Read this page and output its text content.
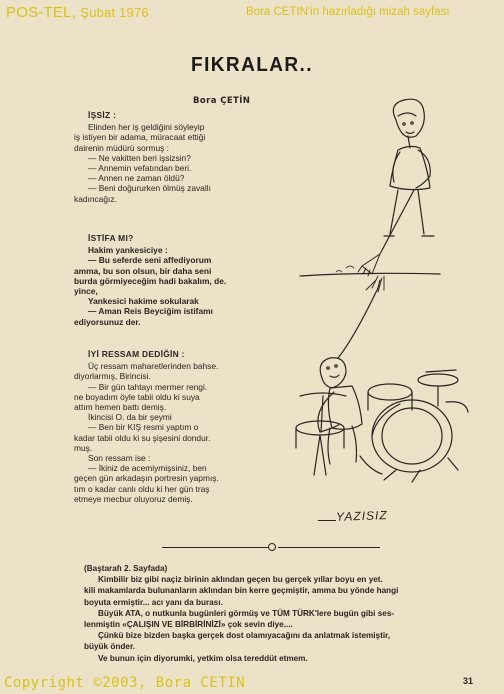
POS-TEL, Şubat 1976	Bora CETIN'in hazırladığı mizah sayfası
FIKRALAR..
Bora ÇETİN

İŞSİZ :

Elinden her iş geldiğini söyleyip

iş istiyen bir adama, müracaat ettiği

dairenin müdürü sormuş :

— Ne vakitten beri işsizsin?

— Annemin vefatından beri.

— Annen ne zaman öldü?

— Beni doğururken ölmüş zavallı

kadıncağız.

İSTİFA MI?

Hakim yankesiciye :

— Bu seferde seni affediyorum

amma, bu son olsun, bir daha seni

burda görmiyeceğim hadi bakalım, de.

yince,

Yankesici hakime sokularak

— Aman Reis Beyciğim istifamı

ediyorsunuz der.

İYİ RESSAM DEDİĞİN :

Üç ressam maharetlerinden bahse.

diyorlarmış, Birincisi.

— Bir gün tahtayı mermer rengi.

ne boyadım öyle tabii oldu ki suya

attım hemen battı demiş.

İkincisi O. da bir şeymi

— Ben bir KIŞ resmi yaptım o

kadar tabii oldu ki su şişesini dondur.

muş.

Son ressam ise :

— İkiniz de acemiymişsiniz, ben

geçen gün arkadaşın portresin yapmış.

tım o kadar canlı oldu ki her gün traş

etmeye mecbur oluyoruz demiş.

YAZISIZ

(Baştarafı 2. Sayfada)

Kimbilir biz gibi naçiz birinin aklından geçen bu gerçek yıllar boyu en yet.

kili makamlarda bulunanların aklından bin kerre geçmiştir, amma bu yönde hangi

boyuta ermiştir... acı yanı da burası.

Büyük ATA, o nutkunla bugünleri görmüş ve TÜM TÜRK'lere bugün gibi ses-

lenmiştin «ÇALIŞIN VE BİRBİRİNİZİ» çok sevin diye....

Çünkü bize bizden başka gerçek dost olamıyacağını da anlatmak istemiştir,

büyük önder.

Ve bunun için diyorumki, yetkim olsa tereddüt etmem.

31
Copyright ©2003, Bora CETIN
